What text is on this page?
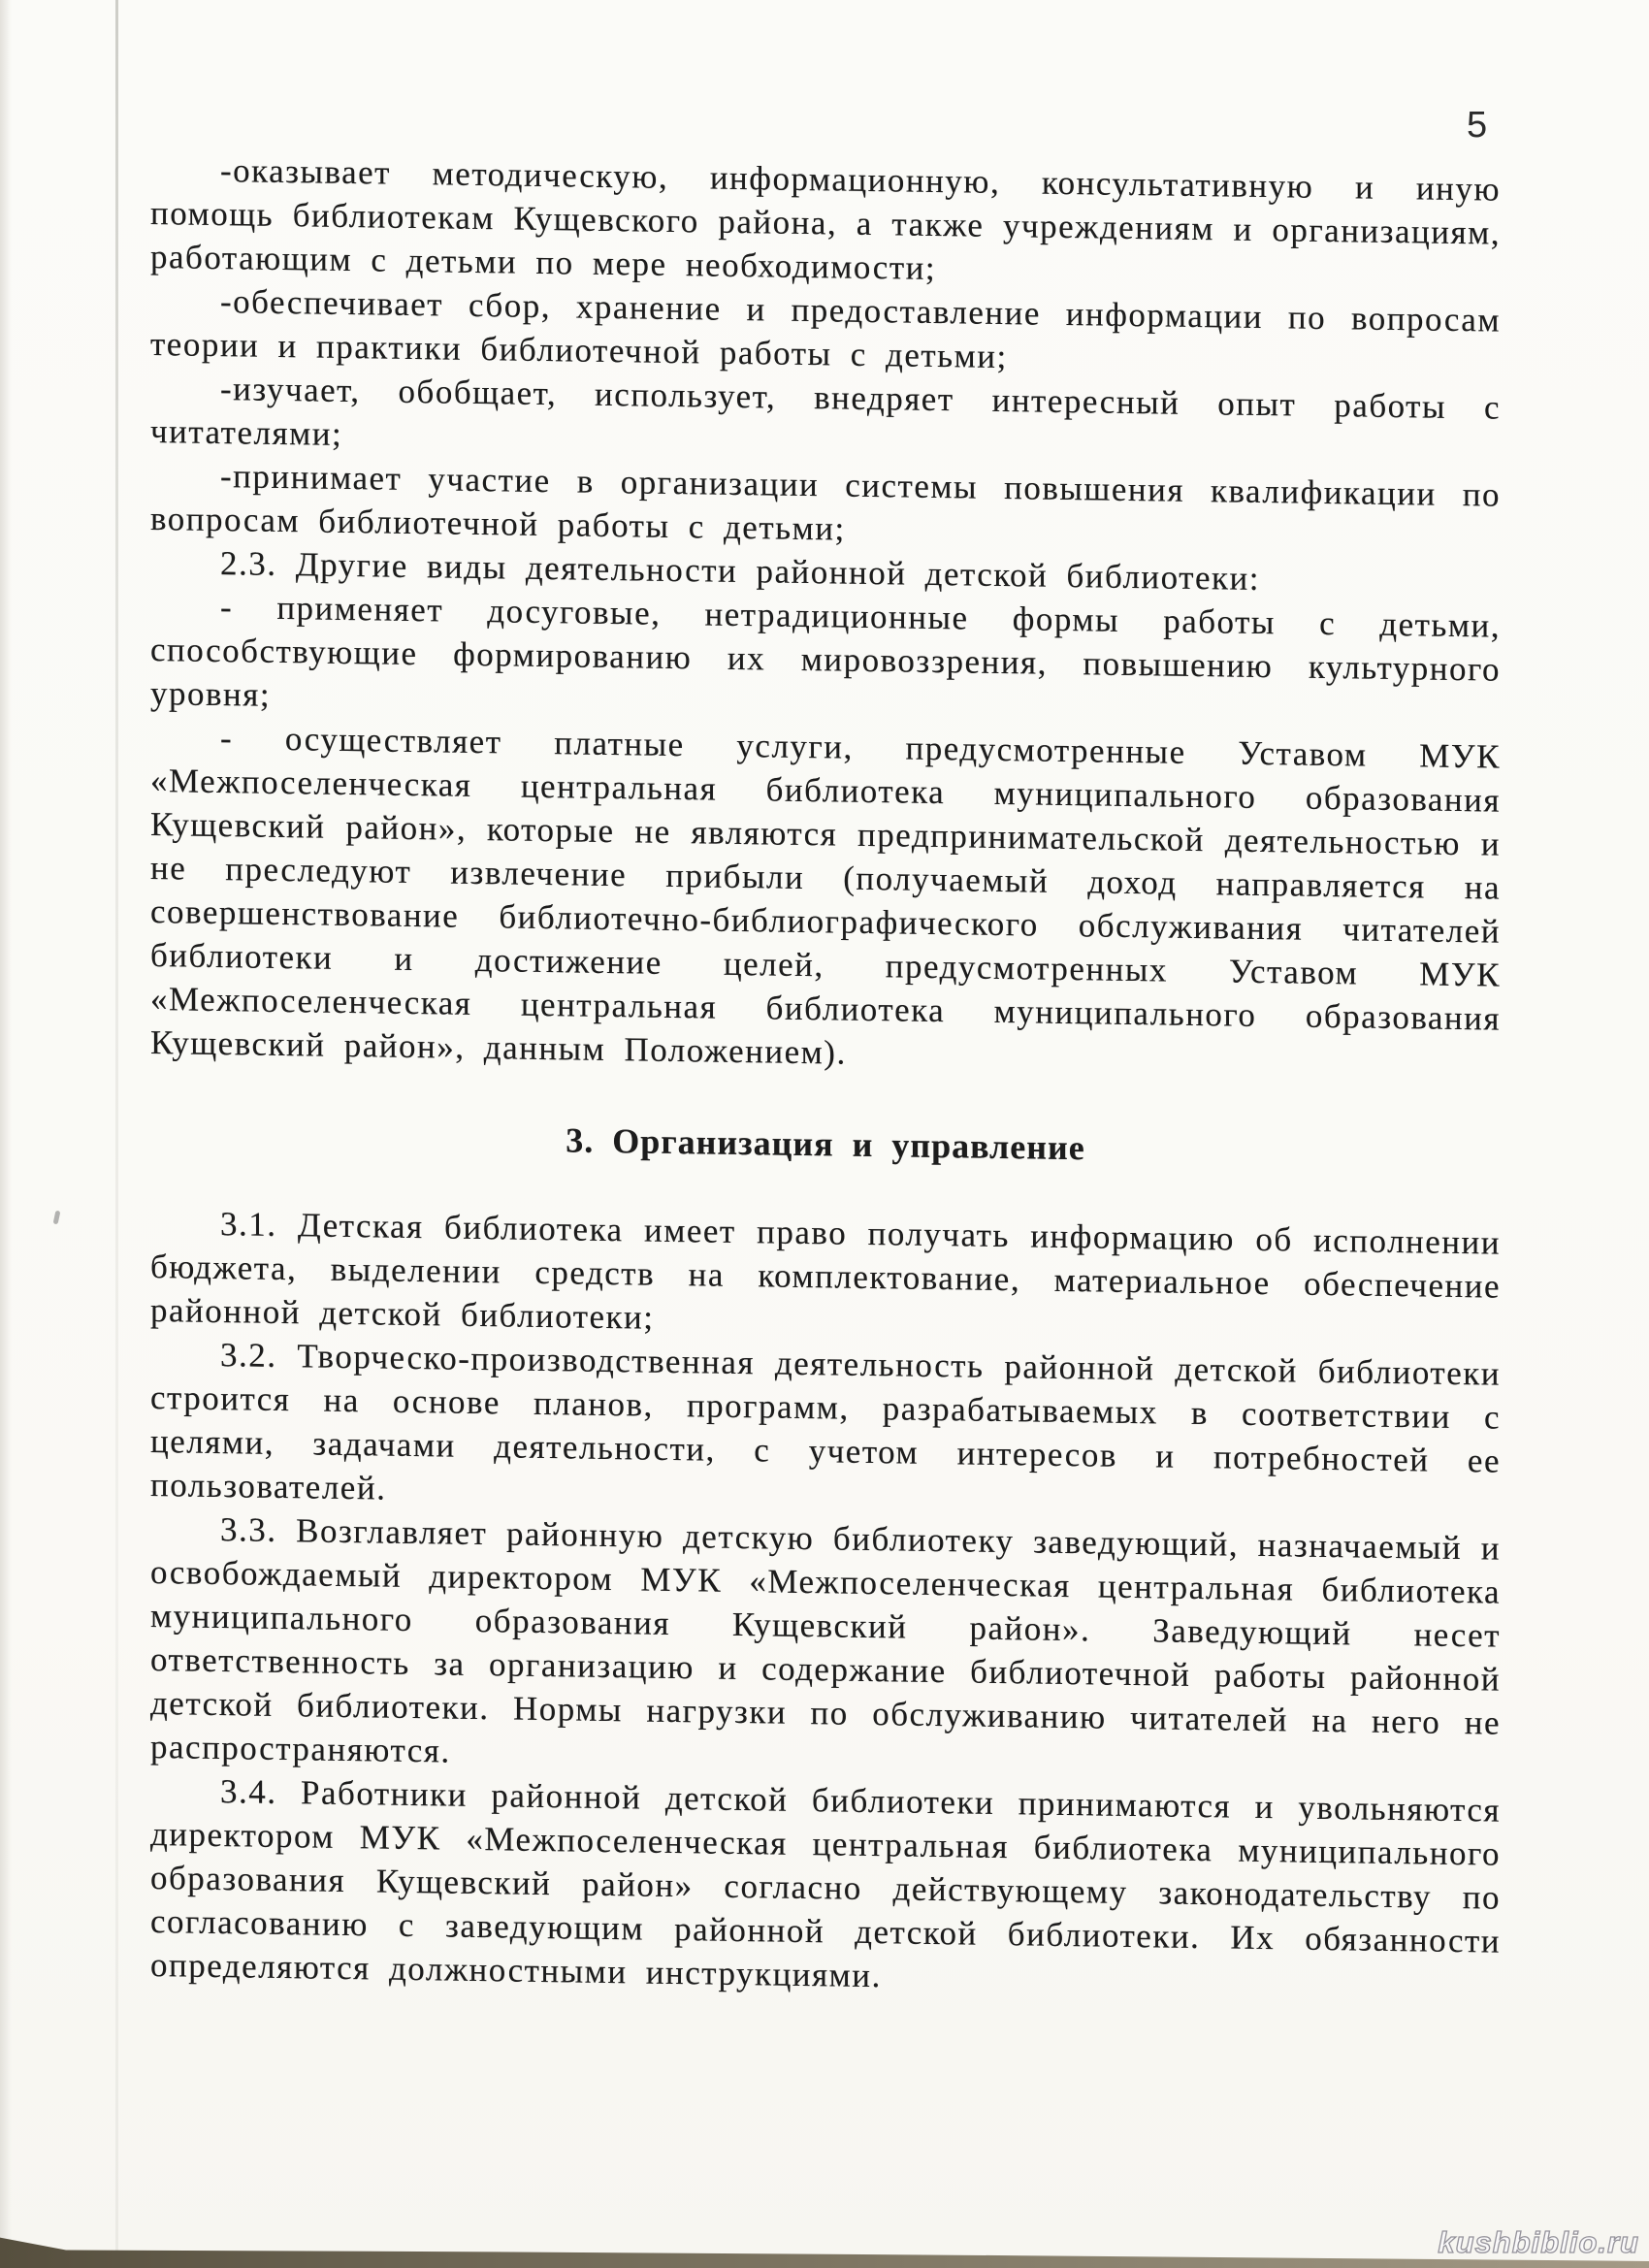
5

-оказывает методическую, информационную, консультативную и иную помощь библиотекам Кущевского района, а также учреждениям и организациям, работающим с детьми по мере необходимости;

-обеспечивает сбор, хранение и предоставление информации по вопросам теории и практики библиотечной работы с детьми;

-изучает, обобщает, использует, внедряет интересный опыт работы с читателями;

-принимает участие в организации системы повышения квалификации по вопросам библиотечной работы с детьми;

2.3. Другие виды деятельности районной детской библиотеки:

- применяет досуговые, нетрадиционные формы работы с детьми, способствующие формированию их мировоззрения, повышению культурного уровня;

- осуществляет платные услуги, предусмотренные Уставом МУК «Межпоселенческая центральная библиотека муниципального образования Кущевский район», которые не являются предпринимательской деятельностью и не преследуют извлечение прибыли (получаемый доход направляется на совершенствование библиотечно-библиографического обслуживания читателей библиотеки и достижение целей, предусмотренных Уставом МУК «Межпоселенческая центральная библиотека муниципального образования Кущевский район», данным Положением).

3. Организация и управление

3.1. Детская библиотека имеет право получать информацию об исполнении бюджета, выделении средств на комплектование, материальное обеспечение районной детской библиотеки;

3.2. Творческо-производственная деятельность районной детской библиотеки строится на основе планов, программ, разрабатываемых в соответствии с целями, задачами деятельности, с учетом интересов и потребностей ее пользователей.

3.3. Возглавляет районную детскую библиотеку заведующий, назначаемый и освобождаемый директором МУК «Межпоселенческая центральная библиотека муниципального образования Кущевский район». Заведующий несет ответственность за организацию и содержание библиотечной работы районной детской библиотеки. Нормы нагрузки по обслуживанию читателей на него не распространяются.

3.4. Работники районной детской библиотеки принимаются и увольняются директором МУК «Межпоселенческая центральная библиотека муниципального образования Кущевский район» согласно действующему законодательству по согласованию с заведующим районной детской библиотеки. Их обязанности определяются должностными инструкциями.

kushbiblio.ru
